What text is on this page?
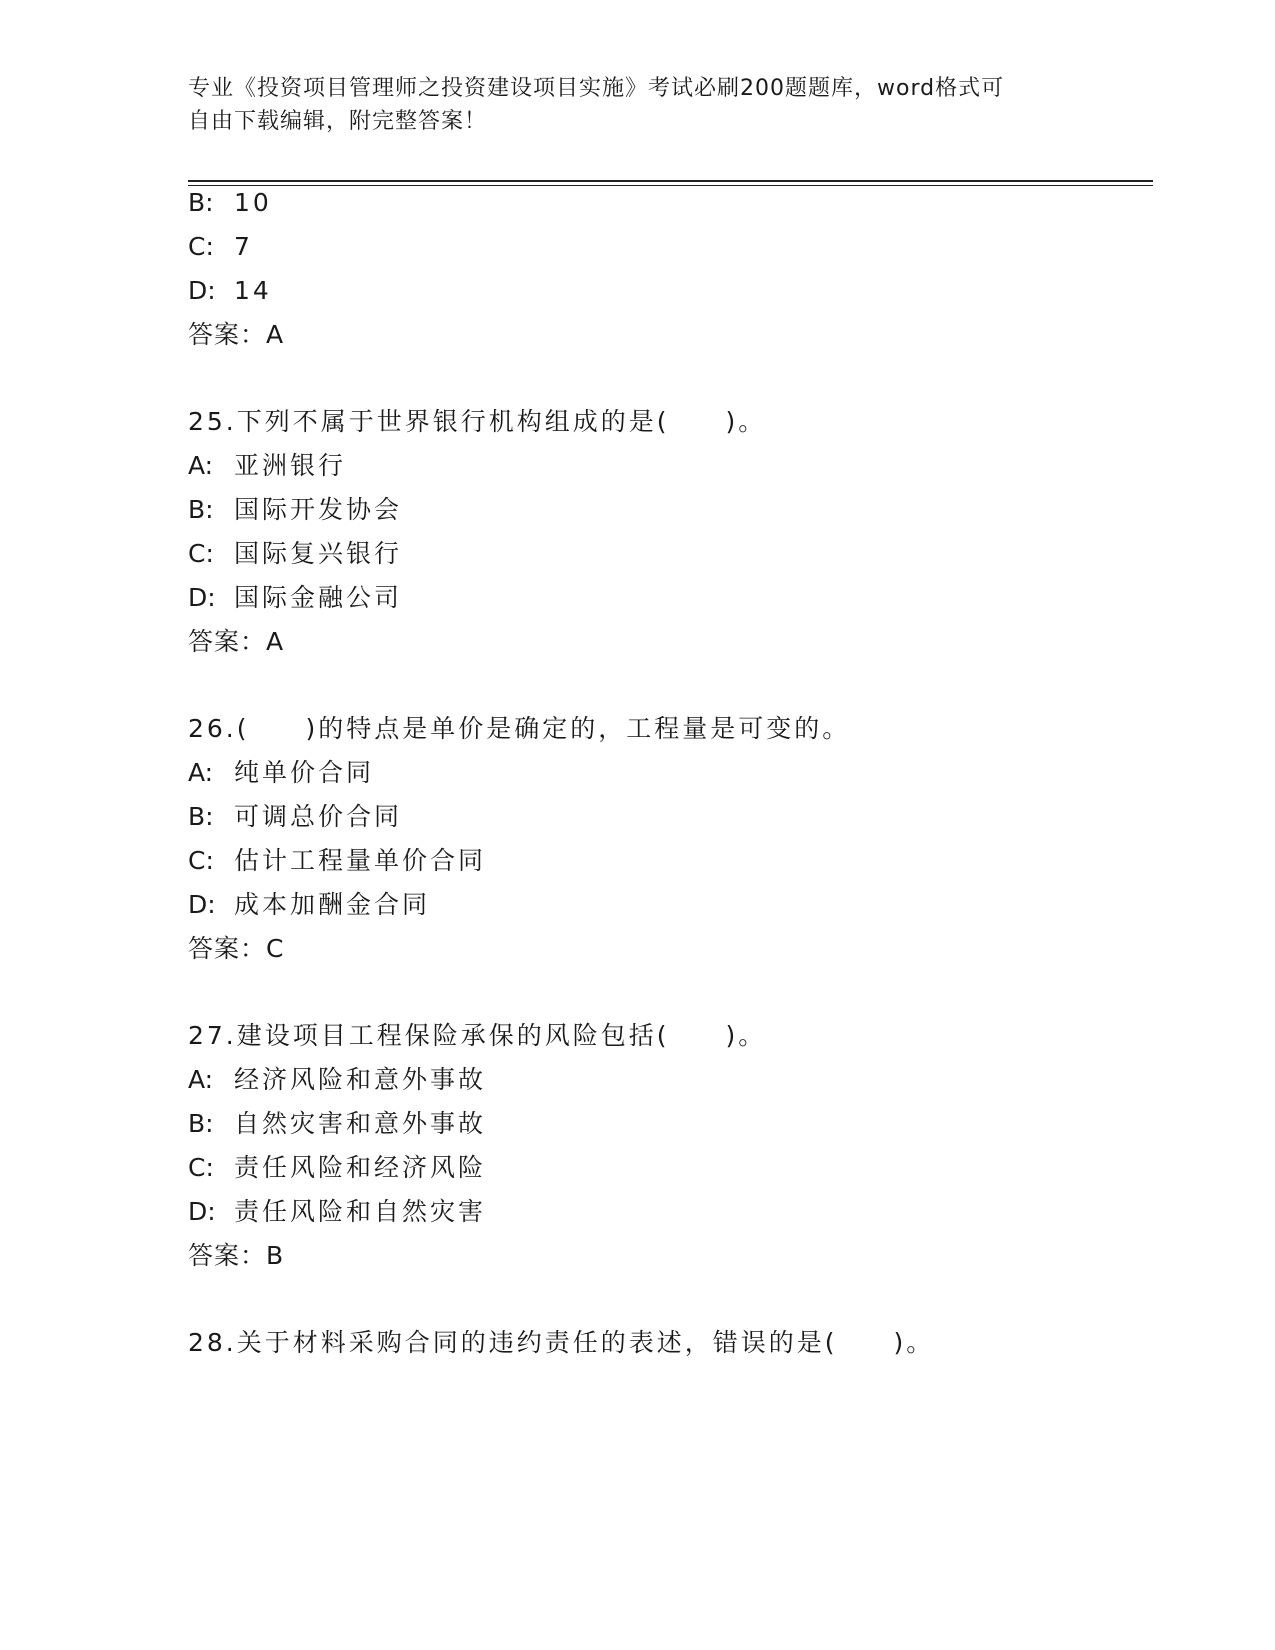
专业《投资项目管理师之投资建设项目实施》考试必刷200题题库，word格式可
自由下载编辑，附完整答案！
B: 10
C: 7
D: 14
答案：A
25.下列不属于世界银行机构组成的是(　　)。
A: 亚洲银行
B: 国际开发协会
C: 国际复兴银行
D: 国际金融公司
答案：A
26.(　　)的特点是单价是确定的，工程量是可变的。
A: 纯单价合同
B: 可调总价合同
C: 估计工程量单价合同
D: 成本加酬金合同
答案：C
27.建设项目工程保险承保的风险包括(　　)。
A: 经济风险和意外事故
B: 自然灾害和意外事故
C: 责任风险和经济风险
D: 责任风险和自然灾害
答案：B
28.关于材料采购合同的违约责任的表述，错误的是(　　)。
